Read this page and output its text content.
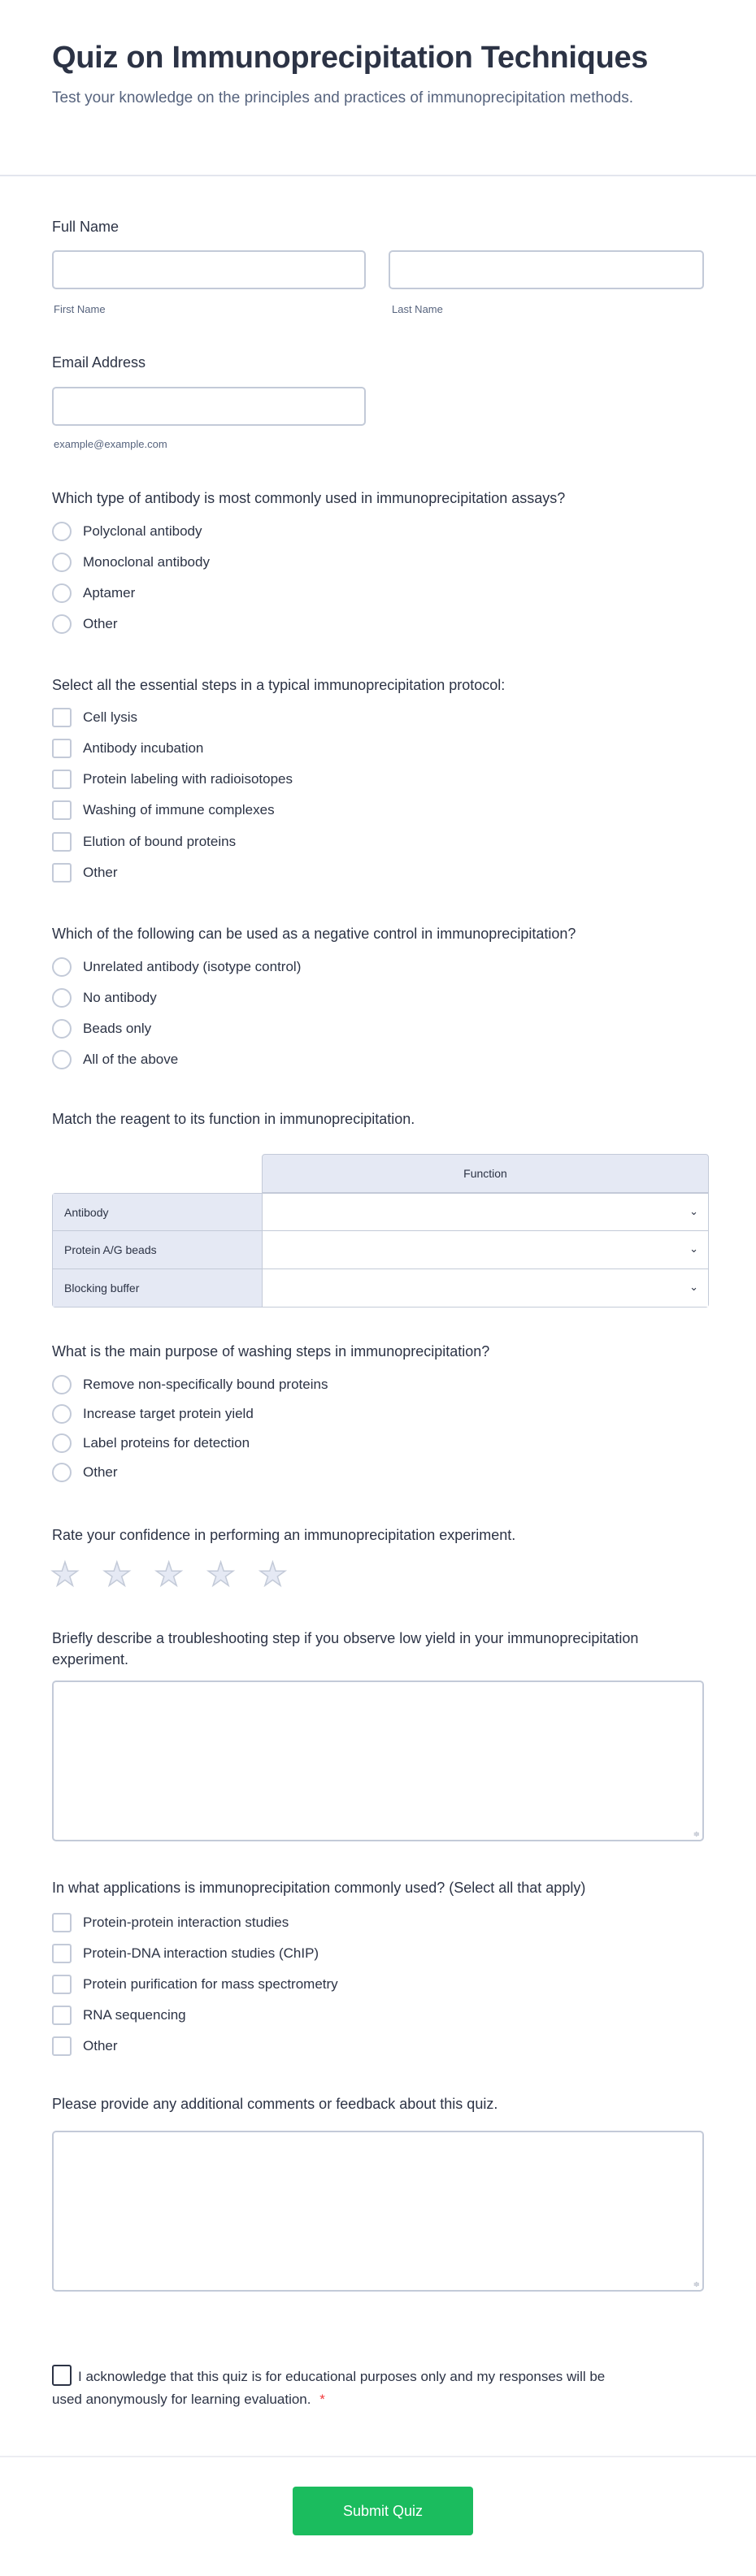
Quiz on Immunoprecipitation Techniques
Test your knowledge on the principles and practices of immunoprecipitation methods.
Full Name
First Name	Last Name
Email Address
example@example.com
Which type of antibody is most commonly used in immunoprecipitation assays?
Polyclonal antibody
Monoclonal antibody
Aptamer
Other
Select all the essential steps in a typical immunoprecipitation protocol:
Cell lysis
Antibody incubation
Protein labeling with radioisotopes
Washing of immune complexes
Elution of bound proteins
Other
Which of the following can be used as a negative control in immunoprecipitation?
Unrelated antibody (isotype control)
No antibody
Beads only
All of the above
Match the reagent to its function in immunoprecipitation.
Function
Antibody	⌄
Protein A/G beads	⌄
Blocking buffer	⌄
What is the main purpose of washing steps in immunoprecipitation?
Remove non-specifically bound proteins
Increase target protein yield
Label proteins for detection
Other
Rate your confidence in performing an immunoprecipitation experiment.
★ ★ ★ ★ ★
Briefly describe a troubleshooting step if you observe low yield in your immunoprecipitation experiment.
≑
In what applications is immunoprecipitation commonly used? (Select all that apply)
Protein-protein interaction studies
Protein-DNA interaction studies (ChIP)
Protein purification for mass spectrometry
RNA sequencing
Other
Please provide any additional comments or feedback about this quiz.
≑
I acknowledge that this quiz is for educational purposes only and my responses will be used anonymously for learning evaluation. *
Submit Quiz
